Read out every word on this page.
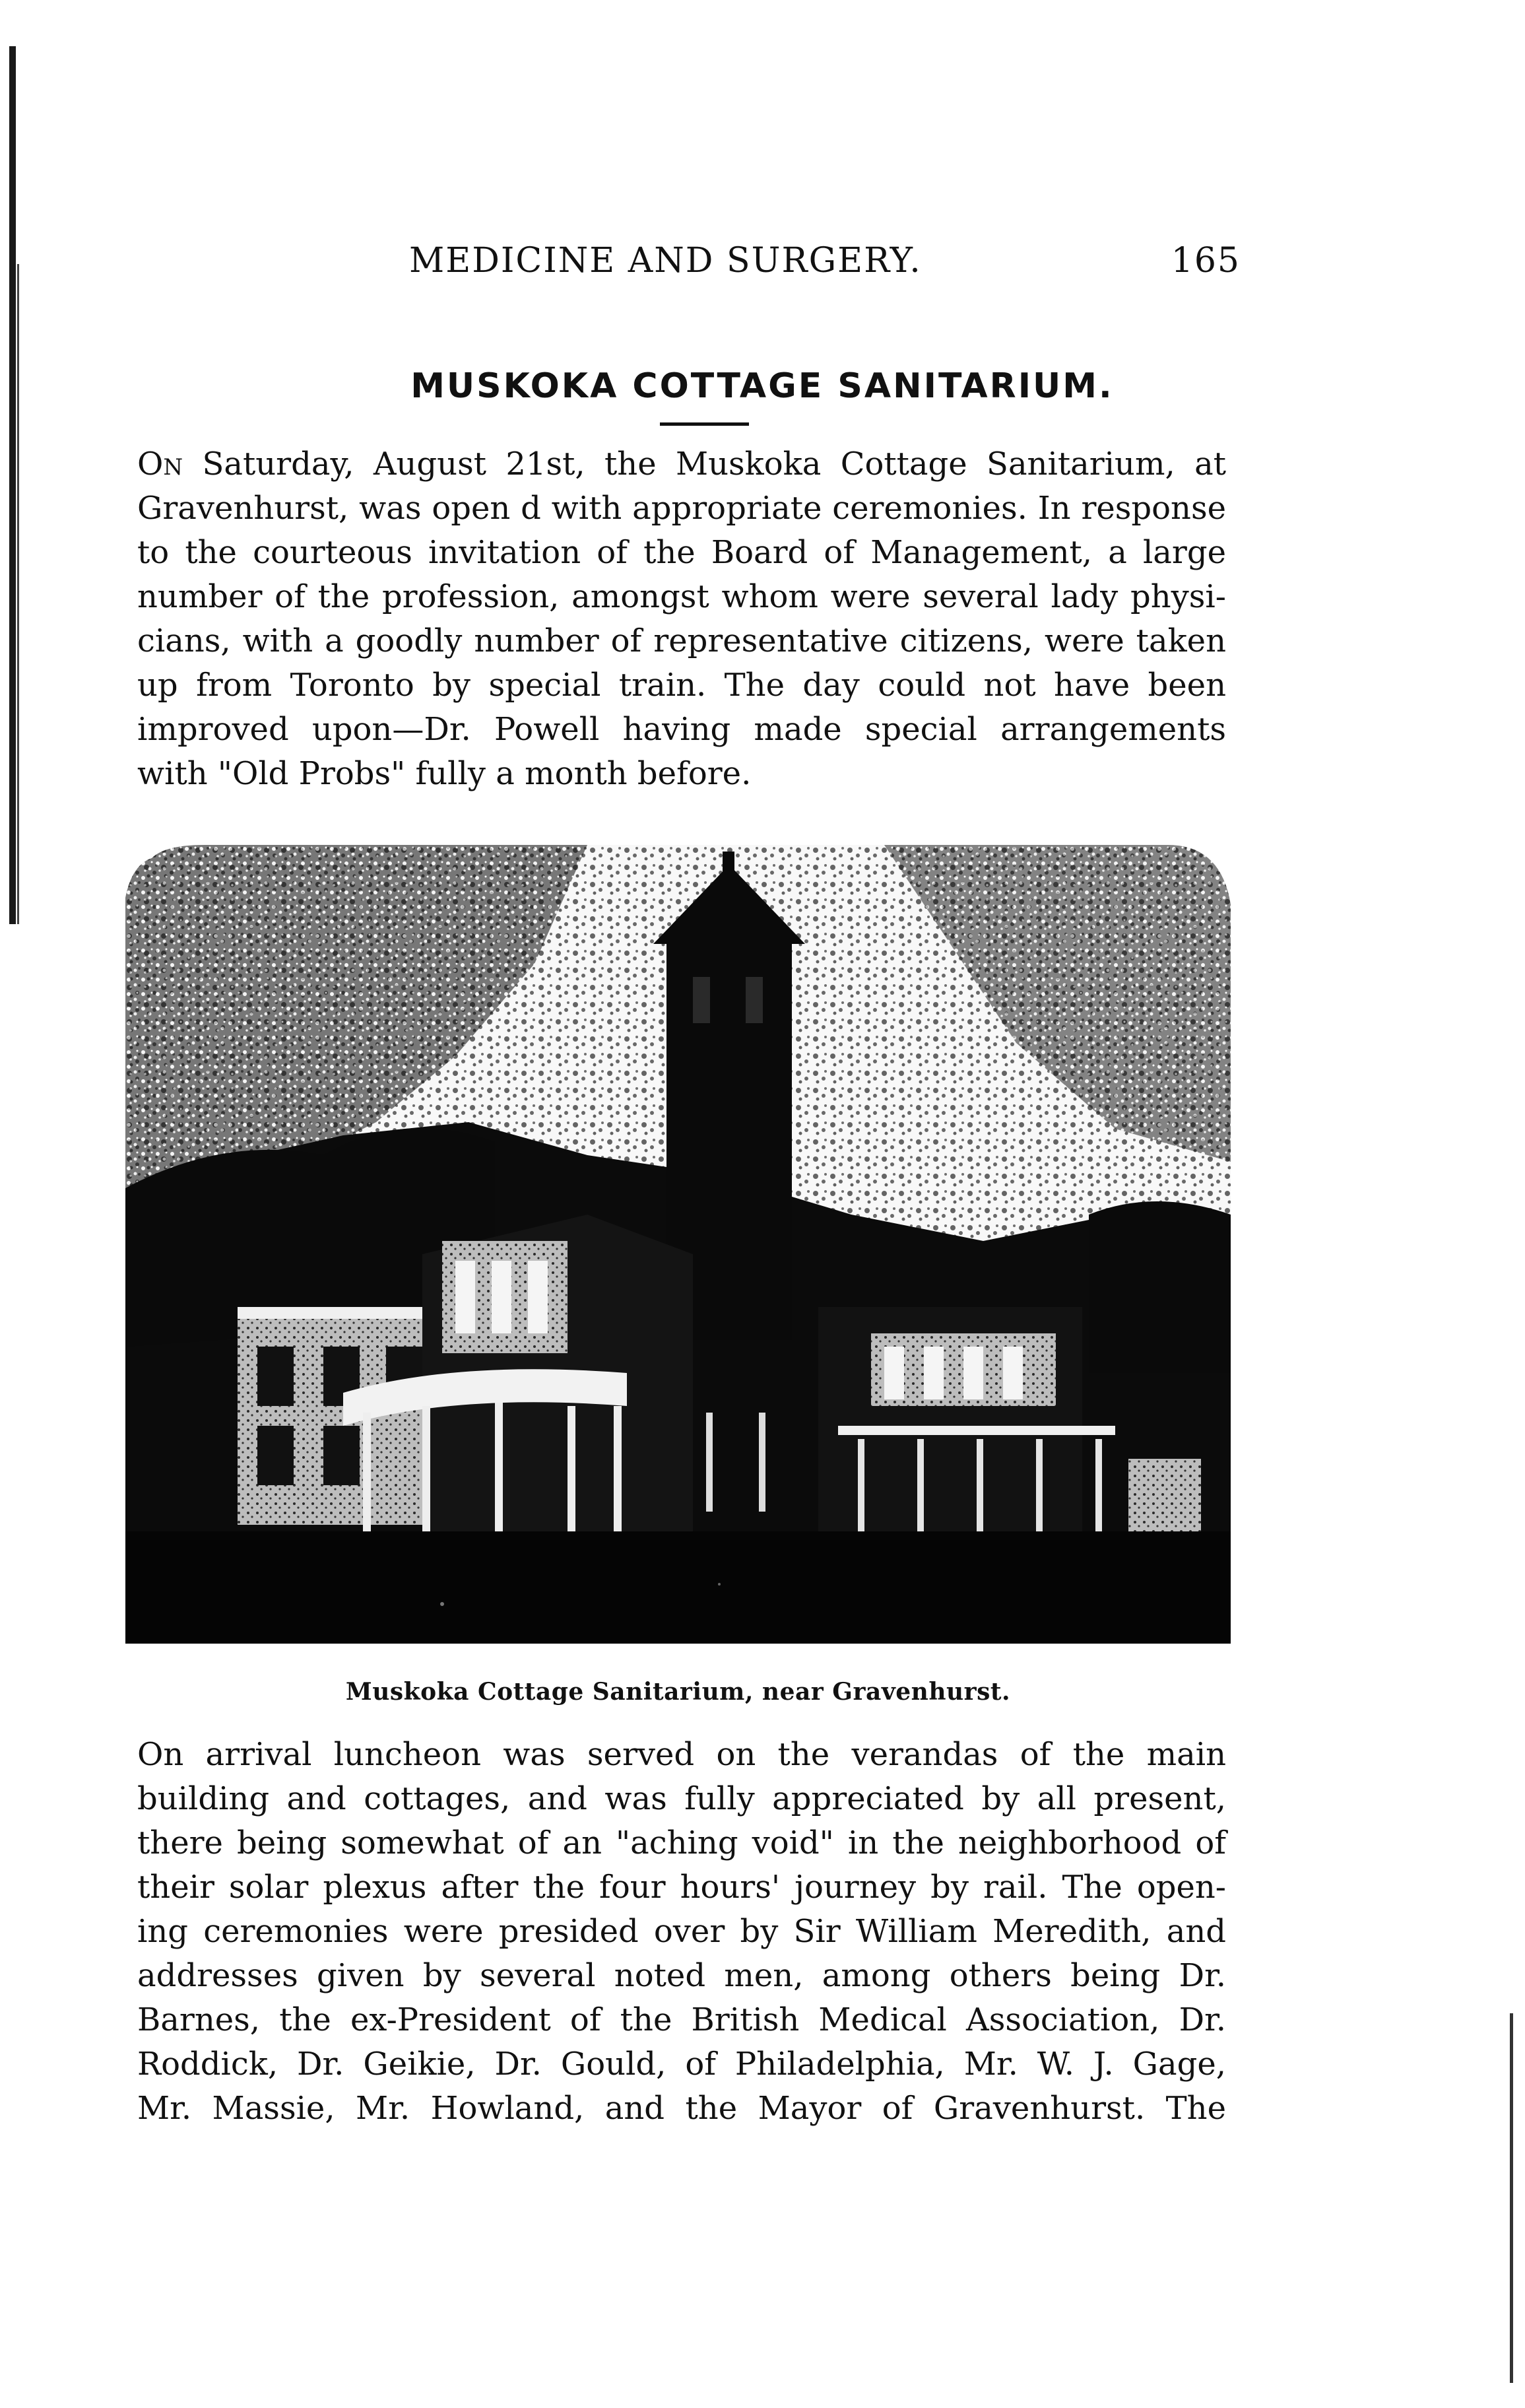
MEDICINE AND SURGERY.	165
MUSKOKA COTTAGE SANITARIUM.
On Saturday, August 21st, the Muskoka Cottage Sanitarium, at
Gravenhurst, was open d with appropriate ceremonies. In response
to the courteous invitation of the Board of Management, a large
number of the profession, amongst whom were several lady physi-
cians, with a goodly number of representative citizens, were taken
up from Toronto by special train. The day could not have been
improved upon—Dr. Powell having made special arrangements
with "Old Probs" fully a month before.
Muskoka Cottage Sanitarium, near Gravenhurst.
On arrival luncheon was served on the verandas of the main
building and cottages, and was fully appreciated by all present,
there being somewhat of an "aching void" in the neighborhood of
their solar plexus after the four hours' journey by rail. The open-
ing ceremonies were presided over by Sir William Meredith, and
addresses given by several noted men, among others being Dr.
Barnes, the ex-President of the British Medical Association, Dr.
Roddick, Dr. Geikie, Dr. Gould, of Philadelphia, Mr. W. J. Gage,
Mr. Massie, Mr. Howland, and the Mayor of Gravenhurst. The
